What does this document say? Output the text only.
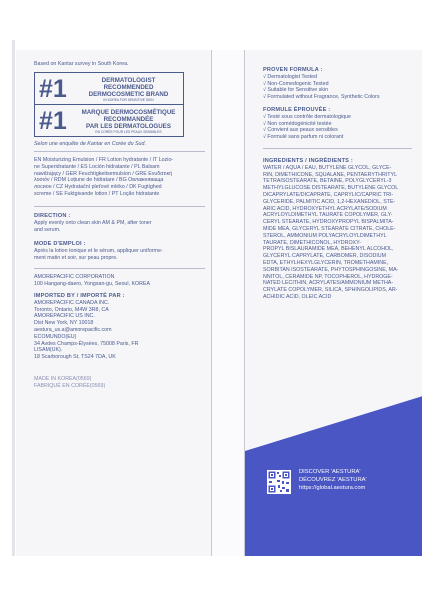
Based on Kantar survey in South Korea.
#1	DERMATOLOGIST
RECOMMENDED
DERMOCOSMETIC BRAND
IN KOREA FOR SENSITIVE SKIN
#1	MARQUE DERMOCOSMÉTIQUE
RECOMMANDÉE
PAR LES DERMATOLOGUES
EN CORÉE POUR LES PEAUX SENSIBLES
Selon une enquête de Kantar en Corée du Sud.
EN Moisturizing Emulsion / FR Lotion hydratante / IT Lozio-
ne Superidratante / ES Loción hidratante / PL Balsam
nawilżający / GER Feuchtigkeitsemulsion / GRE Ενυδατική
λοσιόν / RDM Loțiune de hidratare / BG Овлажняваща
лосион / CZ Hydratační pleťové mléko / DK Fugtighed
screme / SE Fuktgivande lotion / PT Loção hidratante
DIRECTION :
Apply evenly onto clean skin AM & PM, after toner
and serum.
MODE D'EMPLOI :
Après la lotion tonique et le sérum, appliquer uniforme-
ment matin et soir, sur peau propre.
AMOREPACIFIC CORPORATION
100 Hangang-daero, Yongsan-gu, Seoul, KOREA
IMPORTED BY / IMPORTÉ PAR :
AMOREPACIFIC CANADA INC.
Toronto, Ontario, M4W 3R8, CA
AMOREPACIFIC US INC.
Dist New York, NY 10018
aestura_us.a@amorepacific.com
ECOMUNDO(EU)
34 Avdes Champs-Élysées, 75008 Paris, FR
LISAM(UK).
18 Scarborough St, TS24 7DA, UK
MADE IN KOREA(0569)
FABRIQUÉ EN CORÉE(0569)
PROVEN FORMULA :
√ Dermatologist Tested
√ Non-Comedogenic Tested
√ Suitable for Sensitive skin
√ Formulated without Fragrance, Synthetic Colors
FORMULE ÉPROUVÉE :
√ Testé sous contrôle dermatologique
√ Non comédogénicité testée
√ Convient aux peaux sensibles
√ Formulé sans parfum ni colorant
INGREDIENTS / INGRÉDIENTS :
WATER / AQUA / EAU, BUTYLENE GLYCOL, GLYCE-
RIN, DIMETHICONE, SQUALANE, PENTAERYTHRITYL
TETRAISOSTEARATE, BETAINE, POLYGLYCERYL-3
METHYLGLUCOSE DISTEARATE, BUTYLENE GLYCOL
DICAPRYLATE/DICAPRATE, CAPRYLIC/CAPRIC TRI-
GLYCERIDE, PALMITIC ACID, 1,2-HEXANEDIOL, STE-
ARIC ACID, HYDROXYETHYL ACRYLATE/SODIUM
ACRYLOYLDIMETHYL TAURATE COPOLYMER, GLY-
CERYL STEARATE, HYDROXYPROPYL BISPALMITA-
MIDE MEA, GLYCERYL STEARATE CITRATE, CHOLE-
STEROL, AMMONIUM POLYACRYLOYLDIMETHYL
TAURATE, DIMETHICONOL, HYDROXY-
PROPYL BISLAURAMIDE MEA, BEHENYL ALCOHOL,
GLYCERYL CAPRYLATE, CARBOMER, DISODIUM
EDTA, ETHYLHEXYLGLYCERIN, TROMETHAMINE,
SORBITAN ISOSTEARATE, PHYTOSPHINGOSINE, MA-
NNITOL, CERAMIDE NP, TOCOPHEROL, HYDROGE-
NATED LECITHIN, ACRYLATES/AMMONIUM METHA-
CRYLATE COPOLYMER, SILICA, SPHINGOLIPIDS, AR-
ACHIDIC ACID, OLEIC ACID
DISCOVER 'AESTURA'
DÉCOUVREZ 'AESTURA'
https://global.aestura.com
